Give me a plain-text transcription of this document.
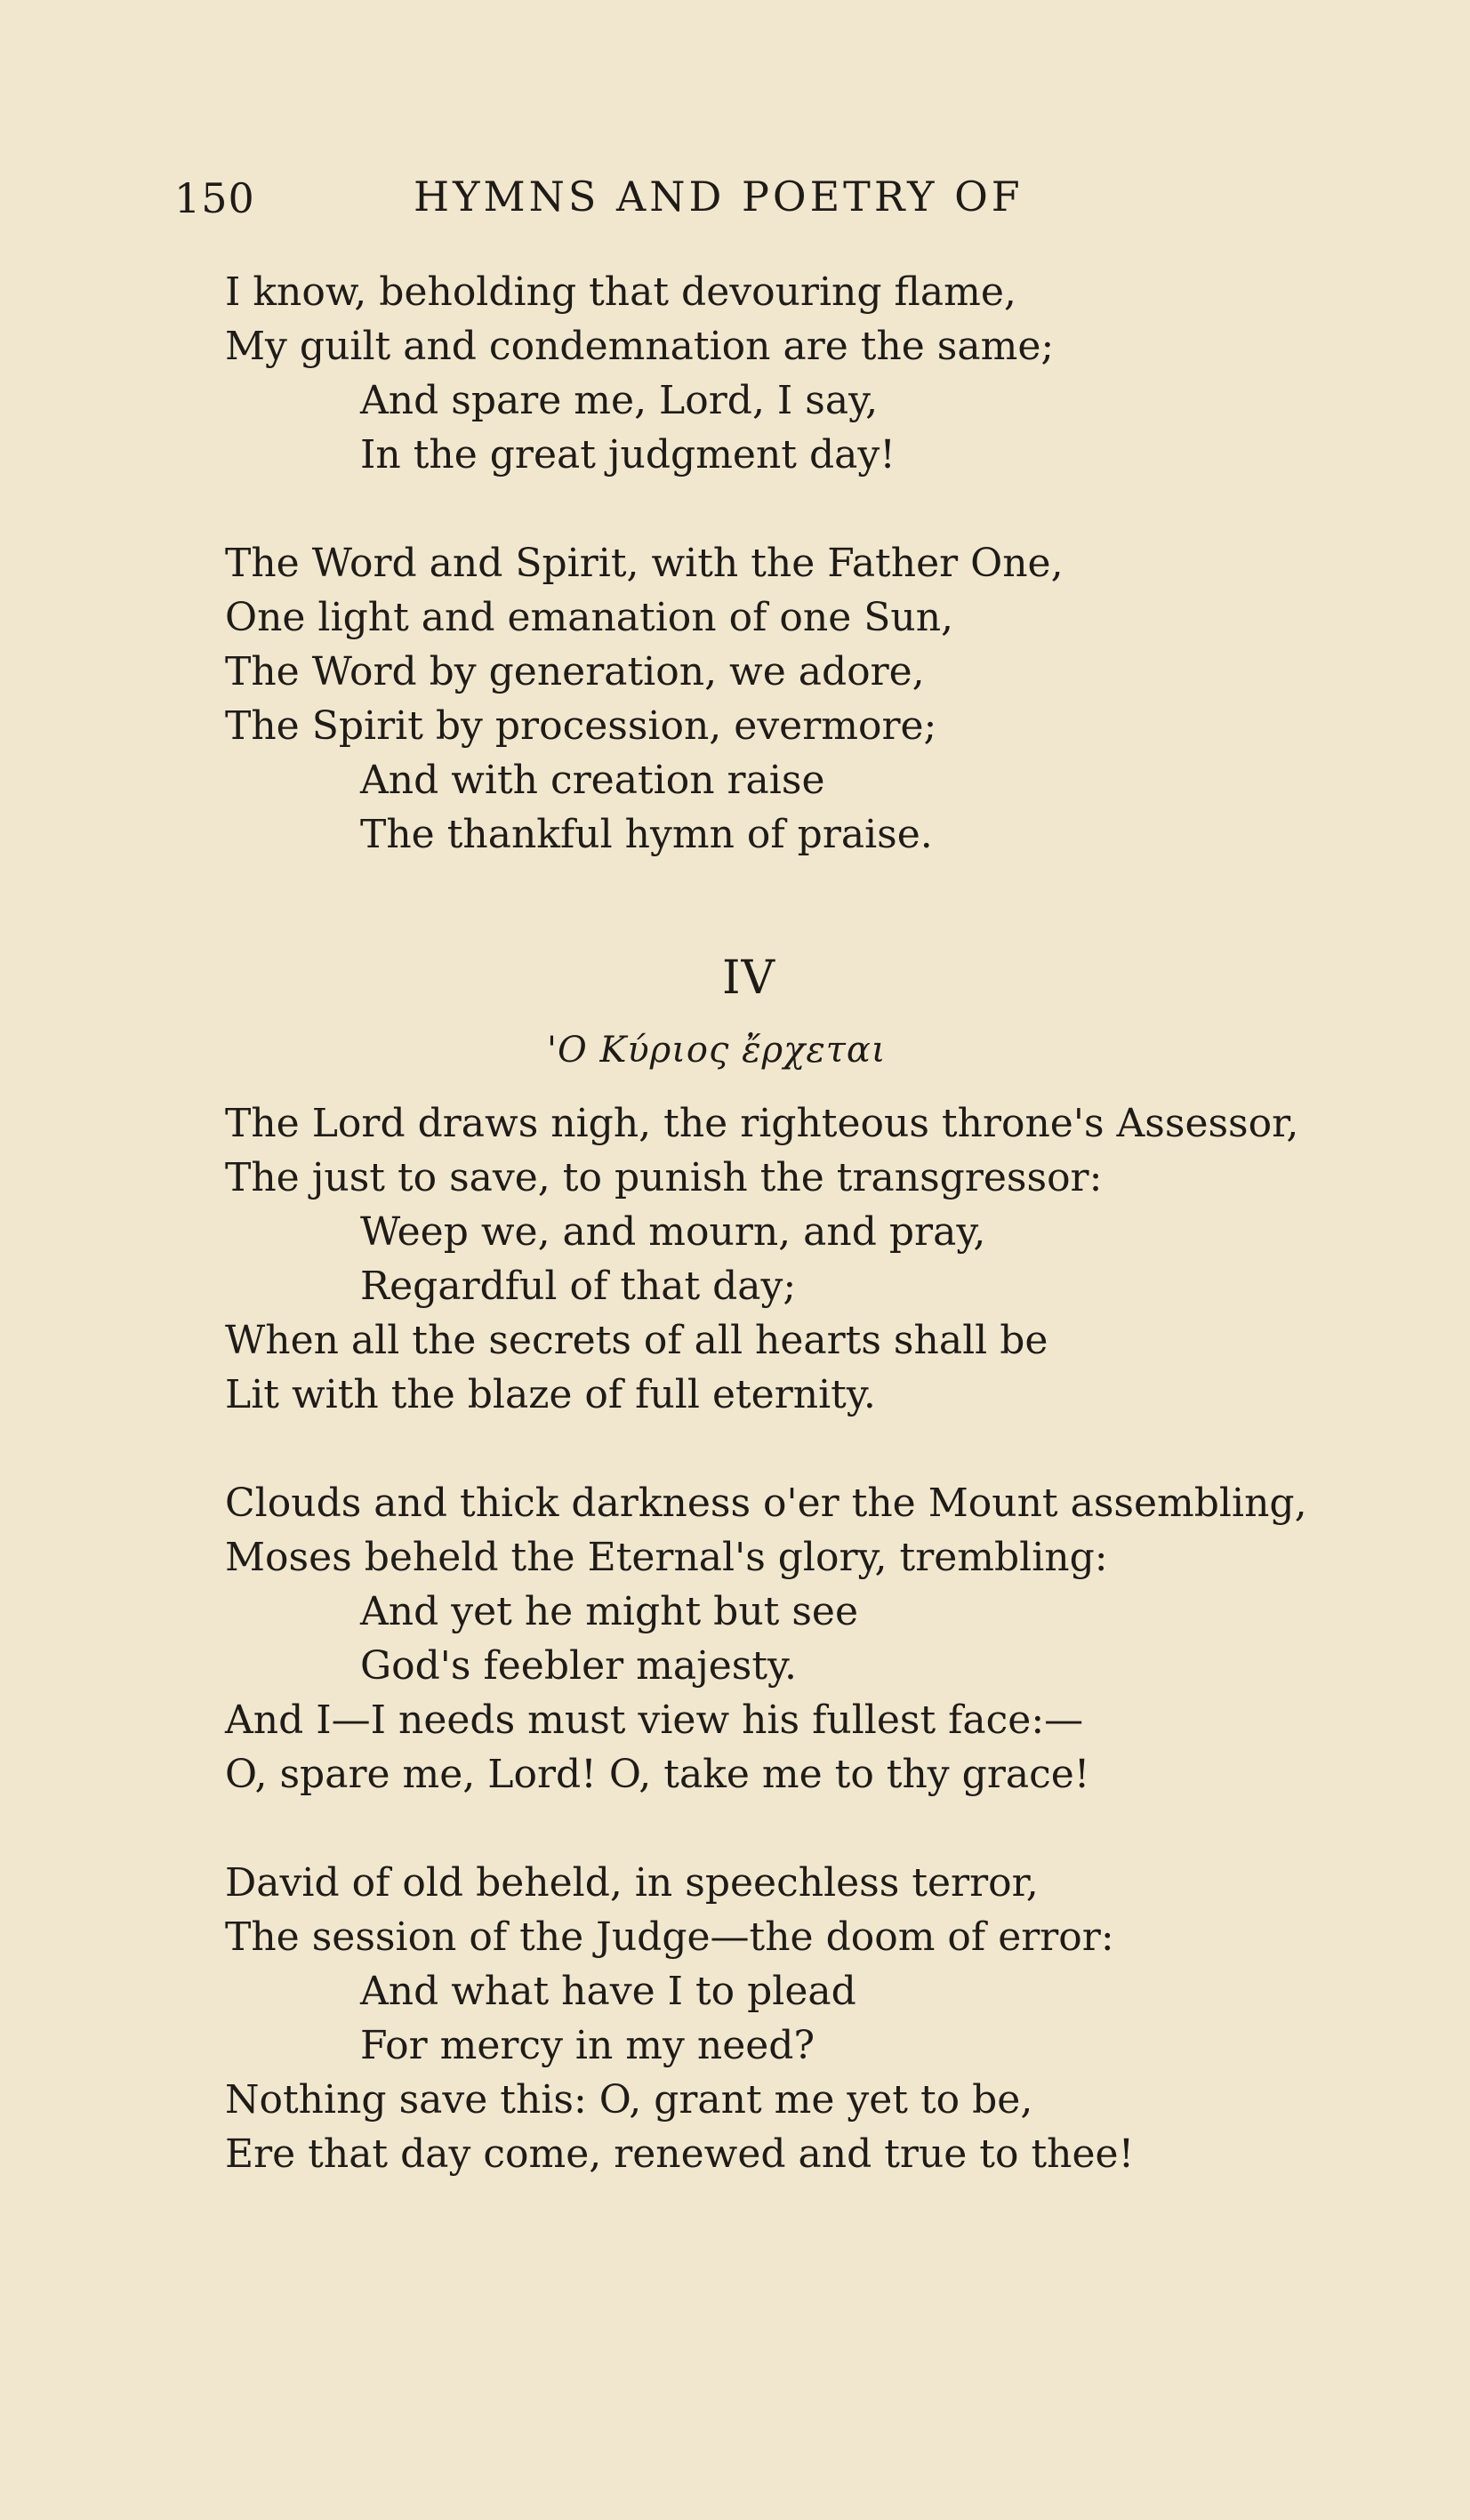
150	HYMNS AND POETRY OF
I know, beholding that devouring flame,
My guilt and condemnation are the same;
And spare me, Lord, I say,
In the great judgment day!
The Word and Spirit, with the Father One,
One light and emanation of one Sun,
The Word by generation, we adore,
The Spirit by procession, evermore;
And with creation raise
The thankful hymn of praise.
IV
'Ο Κύριος ἔρχεται
The Lord draws nigh, the righteous throne's Assessor,
The just to save, to punish the transgressor:
Weep we, and mourn, and pray,
Regardful of that day;
When all the secrets of all hearts shall be
Lit with the blaze of full eternity.
Clouds and thick darkness o'er the Mount assembling,
Moses beheld the Eternal's glory, trembling:
And yet he might but see
God's feebler majesty.
And I—I needs must view his fullest face:—
O, spare me, Lord! O, take me to thy grace!
David of old beheld, in speechless terror,
The session of the Judge—the doom of error:
And what have I to plead
For mercy in my need?
Nothing save this: O, grant me yet to be,
Ere that day come, renewed and true to thee!
